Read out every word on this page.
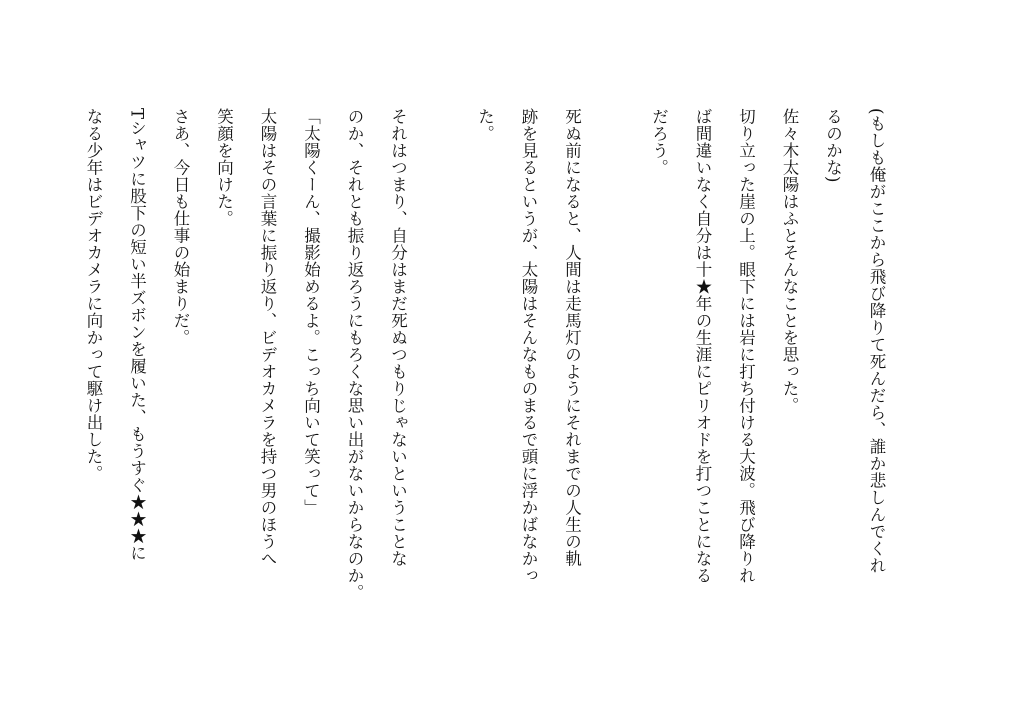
(もしも俺がここから飛び降りて死んだら、誰か悲しんでくれ
るのかな)
佐々木太陽はふとそんなことを思った。
切り立った崖の上。眼下には岩に打ち付ける大波。飛び降りれ
ば間違いなく自分は十★年の生涯にピリオドを打つことになる
だろう。
死ぬ前になると、人間は走馬灯のようにそれまでの人生の軌
跡を見るというが、太陽はそんなものまるで頭に浮かばなかっ
た。
それはつまり、自分はまだ死ぬつもりじゃないということな
のか、それとも振り返ろうにもろくな思い出がないからなのか。
「太陽くーん、撮影始めるよ。こっち向いて笑って」
太陽はその言葉に振り返り、ビデオカメラを持つ男のほうへ
笑顔を向けた。
さあ、今日も仕事の始まりだ。
Tシャツに股下の短い半ズボンを履いた、もうすぐ★★★に
なる少年はビデオカメラに向かって駆け出した。
